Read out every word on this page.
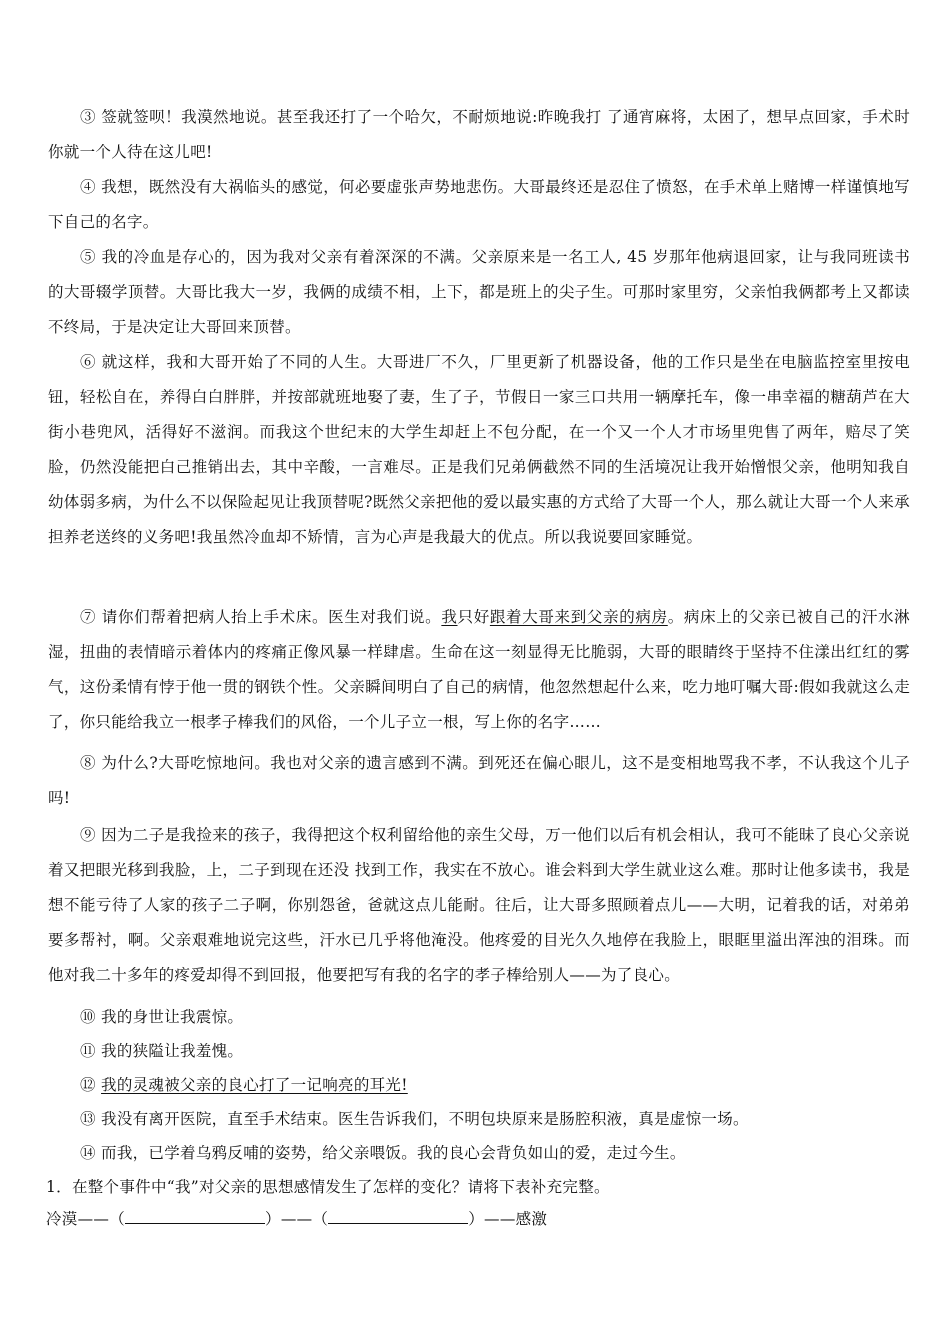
③ 签就签呗！我漠然地说。甚至我还打了一个哈欠，不耐烦地说:昨晚我打 了通宵麻将，太困了，想早点回家，手术时你就一个人待在这儿吧!

④ 我想，既然没有大祸临头的感觉，何必要虚张声势地悲伤。大哥最终还是忍住了愤怒，在手术单上赌博一样谨慎地写下自己的名字。

⑤ 我的冷血是存心的，因为我对父亲有着深深的不满。父亲原来是一名工人, 45 岁那年他病退回家，让与我同班读书的大哥辍学顶替。大哥比我大一岁，我俩的成绩不相，上下，都是班上的尖子生。可那时家里穷，父亲怕我俩都考上又都读不终局，于是决定让大哥回来顶替。

⑥ 就这样，我和大哥开始了不同的人生。大哥进厂不久，厂里更新了机器设备，他的工作只是坐在电脑监控室里按电钮，轻松自在，养得白白胖胖，并按部就班地娶了妻，生了子，节假日一家三口共用一辆摩托车，像一串幸福的糖葫芦在大街小巷兜风，活得好不滋润。而我这个世纪末的大学生却赶上不包分配，在一个又一个人才市场里兜售了两年，赔尽了笑脸，仍然没能把白己推销出去，其中辛酸，一言难尽。正是我们兄弟俩截然不同的生活境况让我开始憎恨父亲，他明知我自幼体弱多病，为什么不以保险起见让我顶替呢?既然父亲把他的爱以最实惠的方式给了大哥一个人，那么就让大哥一个人来承担养老送终的义务吧!我虽然冷血却不矫情，言为心声是我最大的优点。所以我说要回家睡觉。

⑦ 请你们帮着把病人抬上手术床。医生对我们说。我只好跟着大哥来到父亲的病房。病床上的父亲已被自己的汗水淋湿，扭曲的表情暗示着体内的疼痛正像风暴一样肆虐。生命在这一刻显得无比脆弱，大哥的眼睛终于坚持不住漾出红红的雾气，这份柔情有悖于他一贯的钢铁个性。父亲瞬间明白了自己的病情，他忽然想起什么来，吃力地叮嘱大哥:假如我就这么走了，你只能给我立一根孝子棒我们的风俗，一个儿子立一根，写上你的名字……

⑧ 为什么?大哥吃惊地问。我也对父亲的遗言感到不满。到死还在偏心眼儿，这不是变相地骂我不孝，不认我这个儿子吗!

⑨ 因为二子是我捡来的孩子，我得把这个权利留给他的亲生父母，万一他们以后有机会相认，我可不能昧了良心父亲说着又把眼光移到我脸，上，二子到现在还没 找到工作，我实在不放心。谁会料到大学生就业这么难。那时让他多读书，我是想不能亏待了人家的孩子二子啊，你别怨爸，爸就这点儿能耐。往后，让大哥多照顾着点儿——大明，记着我的话，对弟弟要多帮衬，啊。父亲艰难地说完这些，汗水已几乎将他淹没。他疼爱的目光久久地停在我脸上，眼眶里溢出浑浊的泪珠。而他对我二十多年的疼爱却得不到回报，他要把写有我的名字的孝子棒给别人——为了良心。

⑩ 我的身世让我震惊。

⑪ 我的狭隘让我羞愧。

⑫ 我的灵魂被父亲的良心打了一记响亮的耳光!

⑬ 我没有离开医院，直至手术结束。医生告诉我们，不明包块原来是肠腔积液，真是虚惊一场。

⑭ 而我，已学着乌鸦反哺的姿势，给父亲喂饭。我的良心会背负如山的爱，走过今生。

1．在整个事件中“我”对父亲的思想感情发生了怎样的变化？请将下表补充完整。

冷漠——（	）——（	）——感激
